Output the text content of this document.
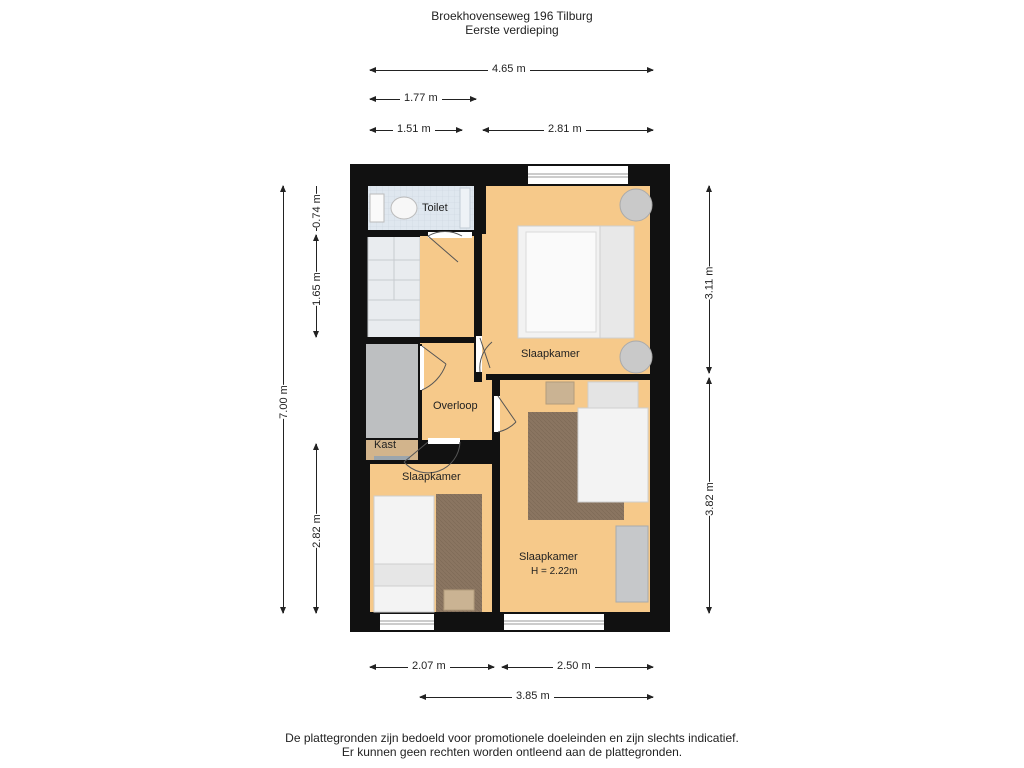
Broekhovenseweg 196 Tilburg
Eerste verdieping
4.65 m
1.77 m
1.51 m	2.81 m
7.00 m
0.74 m
1.65 m
2.82 m
3.11 m
3.82 m
2.07 m	2.50 m
3.85 m
Toilet
Slaapkamer
Overloop
Kast
Slaapkamer
Slaapkamer
H = 2.22m
De plattegronden zijn bedoeld voor promotionele doeleinden en zijn slechts indicatief.
Er kunnen geen rechten worden ontleend aan de plattegronden.
